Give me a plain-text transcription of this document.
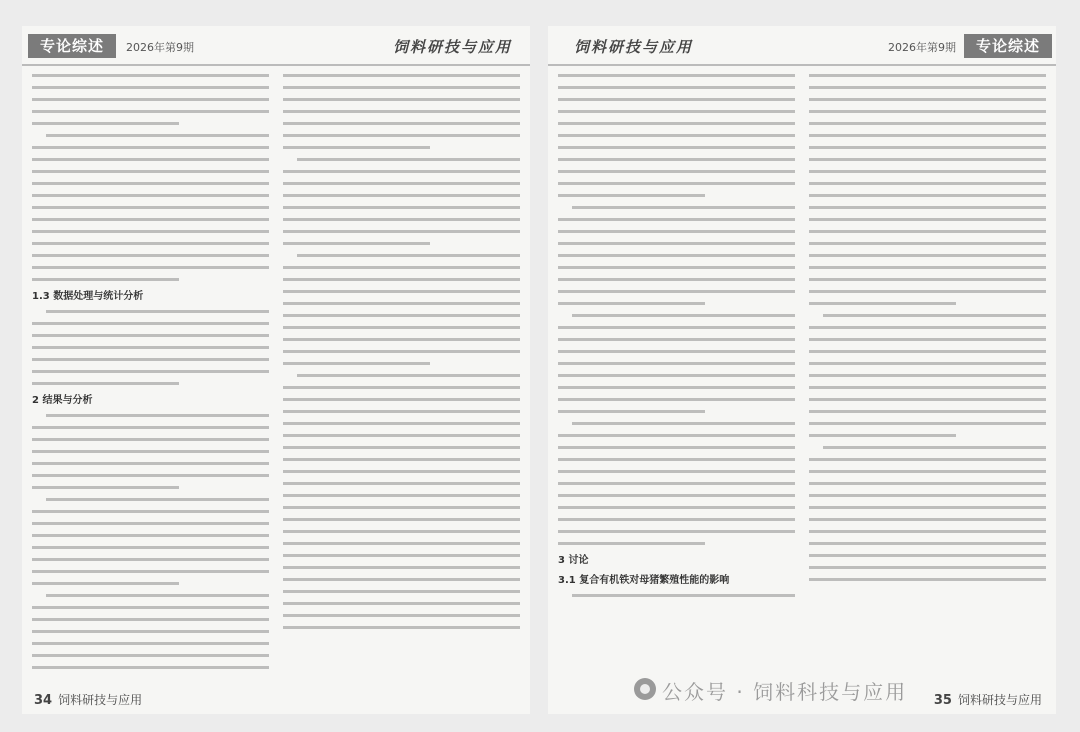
专论综述	2026年第9期	饲料研技与应用
1.3 数据处理与统计分析
2 结果与分析
34 饲料研技与应用
饲料研技与应用	2026年第9期	专论综述
3 讨论
3.1 复合有机铁对母猪繁殖性能的影响
35 饲料研技与应用
公众号 · 饲料科技与应用
